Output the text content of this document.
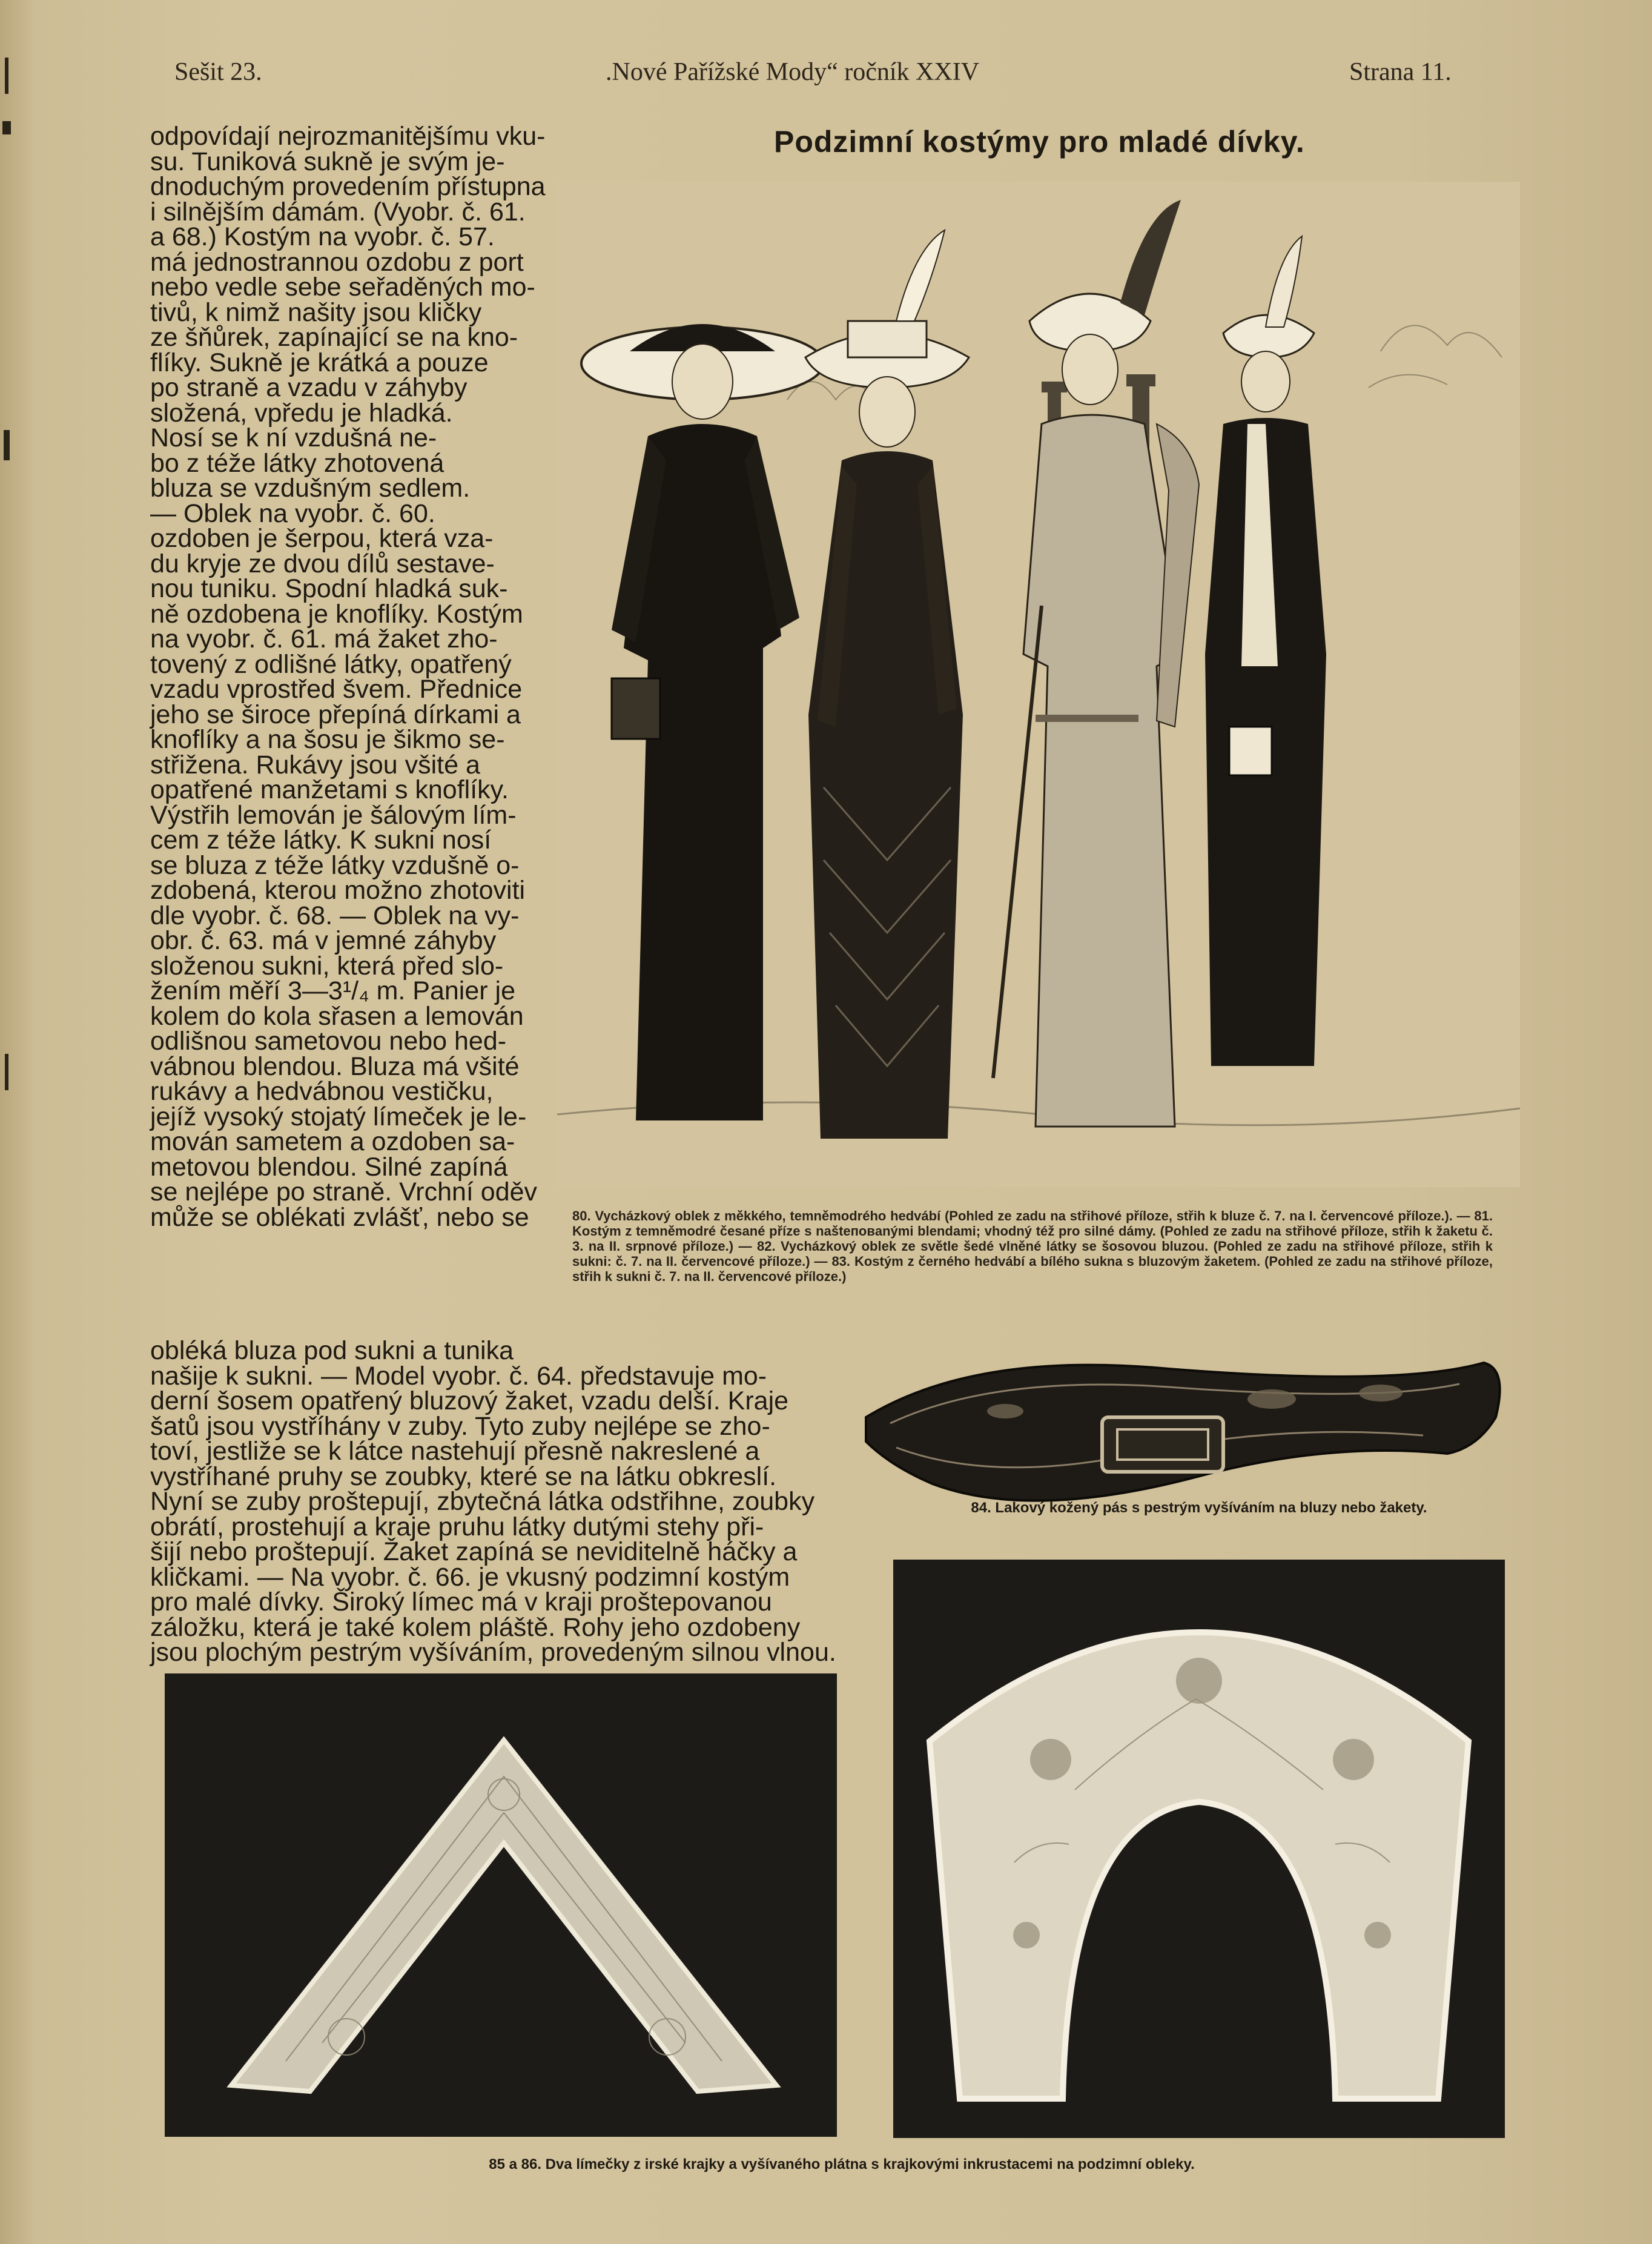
Sešit 23.	.Nové Pařížské Mody“ ročník XXIV	Strana 11.
Podzimní kostýmy pro mladé dívky.

odpovídají nejrozmanitějšímu vku-

su. Tuniková sukně je svým je-

dnoduchým provedením přístupna

i silnějším dámám. (Vyobr. č. 61.

a 68.) Kostým na vyobr. č. 57.

má jednostrannou ozdobu z port

nebo vedle sebe seřaděných mo-

tivů, k nimž našity jsou kličky

ze šňůrek, zapínající se na kno-

flíky. Sukně je krátká a pouze

po straně a vzadu v záhyby

složená, vpředu je hladká.

Nosí se k ní vzdušná ne-

bo z téže látky zhotovená

bluza se vzdušným sedlem.

— Oblek na vyobr. č. 60.

ozdoben je šerpou, která vza-

du kryje ze dvou dílů sestave-

nou tuniku. Spodní hladká suk-

ně ozdobena je knoflíky. Kostým

na vyobr. č. 61. má žaket zho-

tovený z odlišné látky, opatřený

vzadu vprostřed švem. Přednice

jeho se široce přepíná dírkami a

knoflíky a na šosu je šikmo se-

střižena. Rukávy jsou všité a

opatřené manžetami s knoflíky.

Výstřih lemován je šálovým lím-

cem z téže látky. K sukni nosí

se bluza z téže látky vzdušně o-

zdobená, kterou možno zhotoviti

dle vyobr. č. 68. — Oblek na vy-

obr. č. 63. má v jemné záhyby

složenou sukni, která před slo-

žením měří 3—3¹/₄ m. Panier je

kolem do kola sřasen a lemován

odlišnou sametovou nebo hed-

vábnou blendou. Bluza má všité

rukávy a hedvábnou vestičku,

jejíž vysoký stojatý límeček je le-

mován sametem a ozdoben sa-

metovou blendou. Silné zapíná

se nejlépe po straně. Vrchní oděv

může se oblékati zvlášť, nebo se

obléká bluza pod sukni a tunika

našije k sukni. — Model vyobr. č. 64. představuje mo-

derní šosem opatřený bluzový žaket, vzadu delší. Kraje

šatů jsou vystříhány v zuby. Tyto zuby nejlépe se zho-

toví, jestliže se k látce nastehují přesně nakreslené a

vystříhané pruhy se zoubky, které se na látku obkreslí.

Nyní se zuby proštepují, zbytečná látka odstřihne, zoubky

obrátí, prostehují a kraje pruhu látky dutými stehy při-

šijí nebo proštepují. Žaket zapíná se neviditelně háčky a

kličkami. — Na vyobr. č. 66. je vkusný podzimní kostým

pro malé dívky. Široký límec má v kraji proštepovanou

záložku, která je také kolem pláště. Rohy jeho ozdobeny

jsou plochým pestrým vyšíváním, provedeným silnou vlnou.

80. Vycházkový oblek z měkkého, temněmodrého hedvábí (Pohled ze zadu na střihové příloze, střih k bluze č. 7. na I. červencové příloze.). — 81. Kostým z temněmodré česané příze s našteповanými blendami; vhodný též pro silné dámy. (Pohled ze zadu na střihové příloze, střih k žaketu č. 3. na II. srpnové příloze.) — 82. Vycházkový oblek ze světle šedé vlněné látky se šosovou bluzou. (Pohled ze zadu na střihové příloze, střih k sukni: č. 7. na II. červencové příloze.) — 83. Kostým z černého hedvábí a bílého sukna s bluzovým žaketem. (Pohled ze zadu na střihové příloze, střih k sukni č. 7. na II. červencové příloze.)
84. Lakový kožený pás s pestrým vyšíváním na bluzy nebo žakety.
85 a 86. Dva límečky z irské krajky a vyšívaného plátna s krajkovými inkrustacemi na podzimní obleky.
